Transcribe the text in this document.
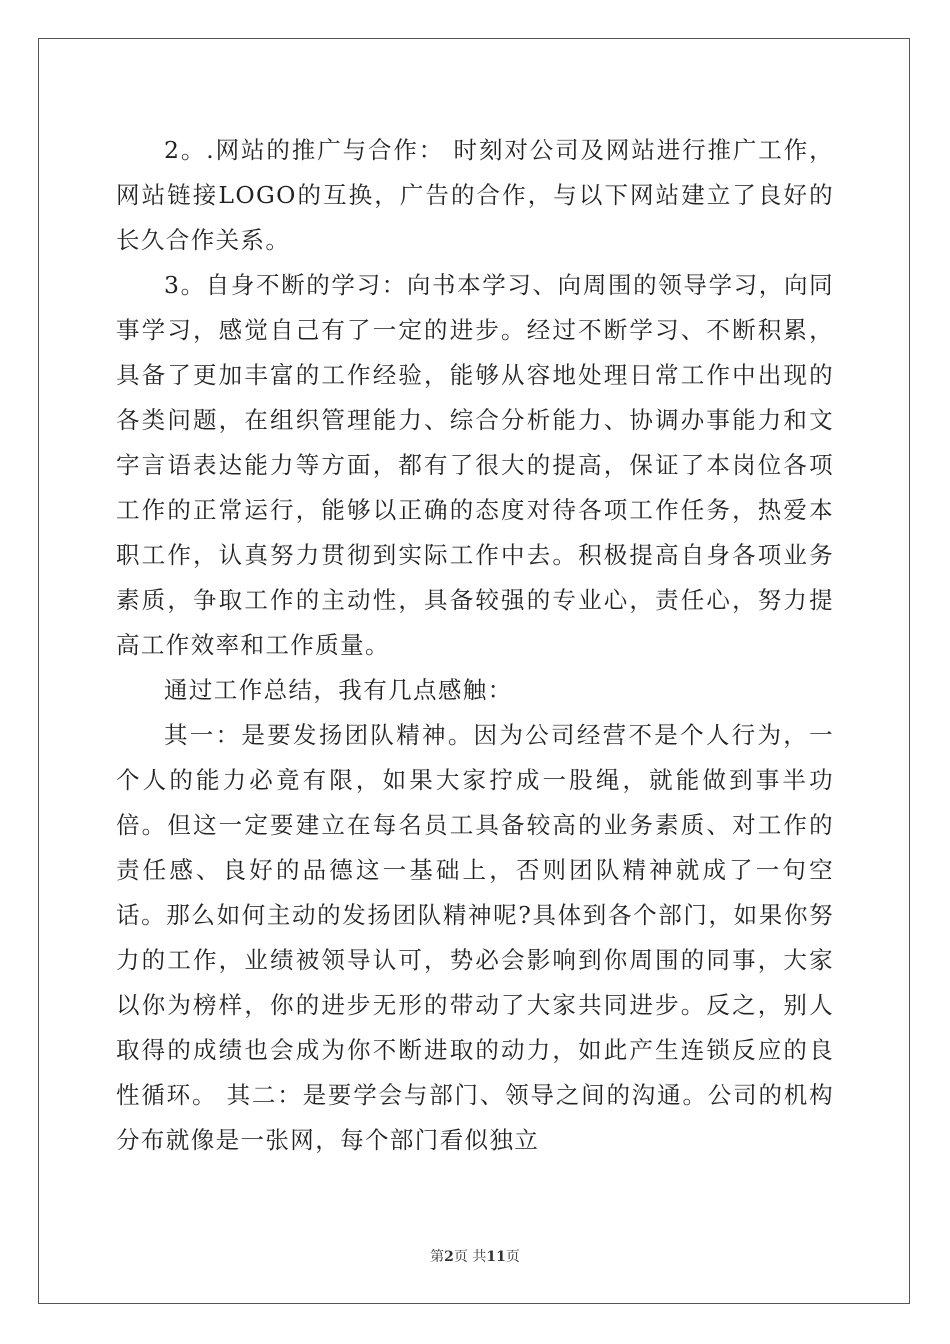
2。.网站的推广与合作： 时刻对公司及网站进行推广工作，网站链接LOGO的互换，广告的合作，与以下网站建立了良好的长久合作关系。

3。自身不断的学习：向书本学习、向周围的领导学习，向同事学习，感觉自己有了一定的进步。经过不断学习、不断积累，具备了更加丰富的工作经验，能够从容地处理日常工作中出现的各类问题，在组织管理能力、综合分析能力、协调办事能力和文字言语表达能力等方面，都有了很大的提高，保证了本岗位各项工作的正常运行，能够以正确的态度对待各项工作任务，热爱本职工作，认真努力贯彻到实际工作中去。积极提高自身各项业务素质，争取工作的主动性，具备较强的专业心，责任心，努力提高工作效率和工作质量。

通过工作总结，我有几点感触：

其一：是要发扬团队精神。因为公司经营不是个人行为，一个人的能力必竟有限，如果大家拧成一股绳，就能做到事半功倍。但这一定要建立在每名员工具备较高的业务素质、对工作的责任感、良好的品德这一基础上，否则团队精神就成了一句空话。那么如何主动的发扬团队精神呢?具体到各个部门，如果你努力的工作，业绩被领导认可，势必会影响到你周围的同事，大家以你为榜样，你的进步无形的带动了大家共同进步。反之，别人取得的成绩也会成为你不断进取的动力，如此产生连锁反应的良性循环。 其二：是要学会与部门、领导之间的沟通。公司的机构分布就像是一张网，每个部门看似独立

第2页 共11页
